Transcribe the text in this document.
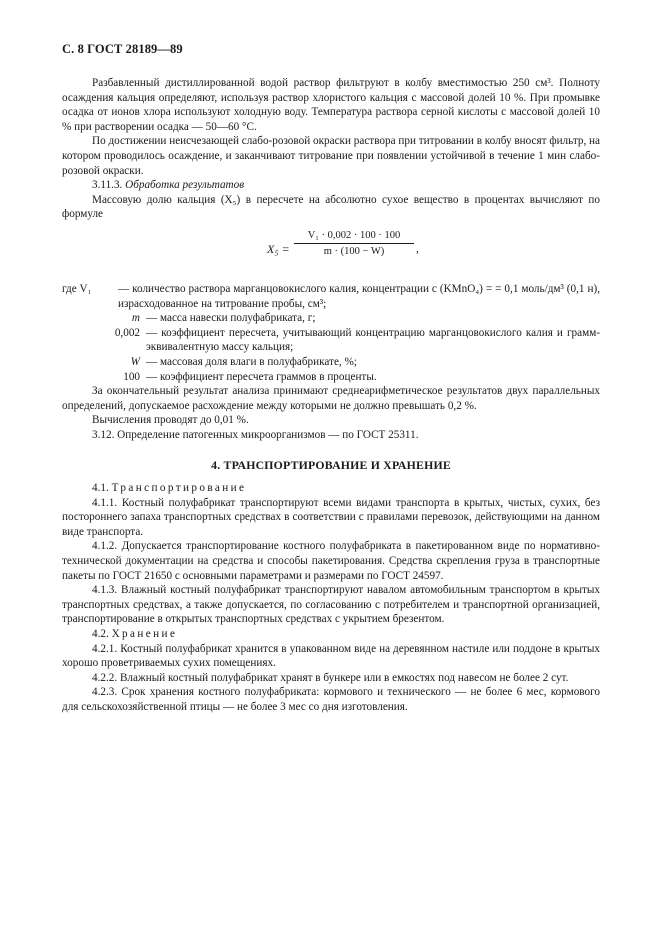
С. 8 ГОСТ 28189—89

Разбавленный дистиллированной водой раствор фильтруют в колбу вместимостью 250 см³. Полноту осаждения кальция определяют, используя раствор хлористого кальция с массовой долей 10 %. При промывке осадка от ионов хлора используют холодную воду. Температура раствора серной кислоты с массовой долей 10 % при растворении осадка — 50—60 °С.

По достижении неисчезающей слабо-розовой окраски раствора при титровании в колбу вносят фильтр, на котором проводилось осаждение, и заканчивают титрование при появлении устойчивой в течение 1 мин слабо-розовой окраски.

3.11.3. Обработка результатов

Массовую долю кальция (X₅) в пересчете на абсолютно сухое вещество в процентах вычисляют по формуле

$X_5 = \frac{\text{V₁ · 0,002 · 100 · 100}}{m \cdot (100 - W)}$ ,
где V₁ — количество раствора марганцовокислого калия, концентрации c (KMnO₄) = = 0,1 моль/дм³ (0,1 н), израсходованное на титрование пробы, см³;
m — масса навески полуфабриката, г;
0,002 — коэффициент пересчета, учитывающий концентрацию марганцовокислого калия и грамм-эквивалентную массу кальция;
W — массовая доля влаги в полуфабрикате, %;
100 — коэффициент пересчета граммов в проценты.

За окончательный результат анализа принимают среднеарифметическое результатов двух параллельных определений, допускаемое расхождение между которыми не должно превышать 0,2 %.

Вычисления проводят до 0,01 %.

3.12. Определение патогенных микроорганизмов — по ГОСТ 25311.

4. ТРАНСПОРТИРОВАНИЕ И ХРАНЕНИЕ

4.1. Транспортирование

4.1.1. Костный полуфабрикат транспортируют всеми видами транспорта в крытых, чистых, сухих, без постороннего запаха транспортных средствах в соответствии с правилами перевозок, действующими на данном виде транспорта.

4.1.2. Допускается транспортирование костного полуфабриката в пакетированном виде по нормативно-технической документации на средства и способы пакетирования. Средства скрепления груза в транспортные пакеты по ГОСТ 21650 с основными параметрами и размерами по ГОСТ 24597.

4.1.3. Влажный костный полуфабрикат транспортируют навалом автомобильным транспортом в крытых транспортных средствах, а также допускается, по согласованию с потребителем и транспортной организацией, транспортирование в открытых транспортных средствах с укрытием брезентом.

4.2. Хранение

4.2.1. Костный полуфабрикат хранится в упакованном виде на деревянном настиле или поддоне в крытых хорошо проветриваемых сухих помещениях.

4.2.2. Влажный костный полуфабрикат хранят в бункере или в емкостях под навесом не более 2 сут.

4.2.3. Срок хранения костного полуфабриката: кормового и технического — не более 6 мес, кормового для сельскохозяйственной птицы — не более 3 мес со дня изготовления.
